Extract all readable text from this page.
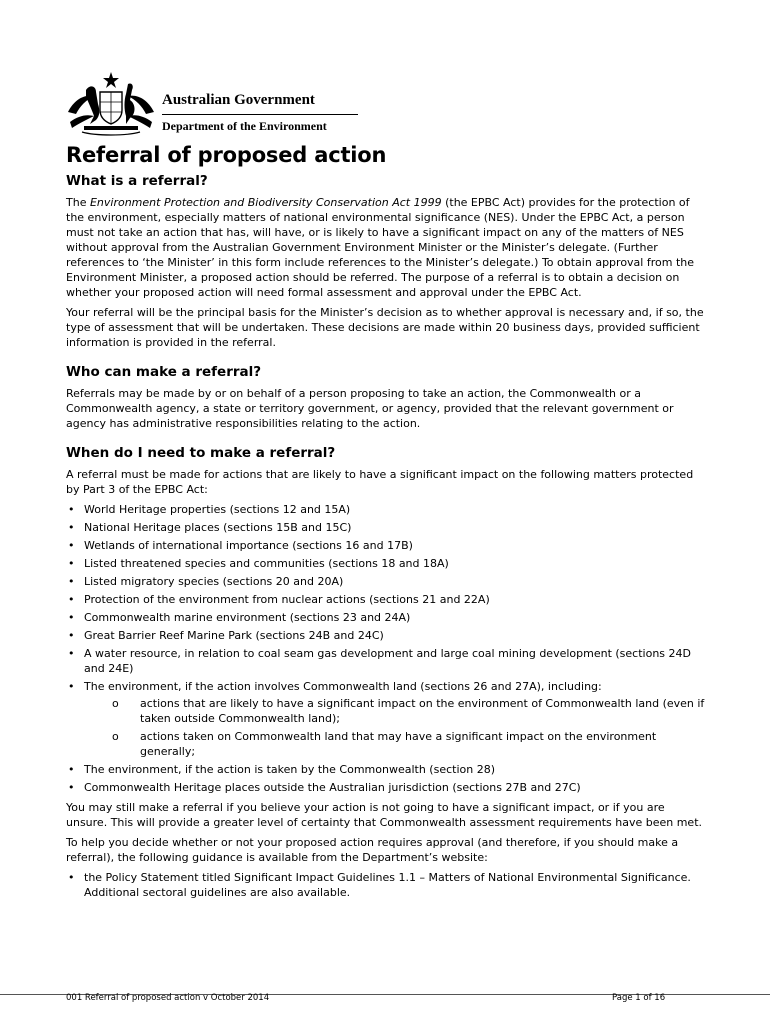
Australian Government
Department of the Environment
Referral of proposed action
What is a referral?

The Environment Protection and Biodiversity Conservation Act 1999 (the EPBC Act) provides for the protection of the environment, especially matters of national environmental significance (NES). Under the EPBC Act, a person must not take an action that has, will have, or is likely to have a significant impact on any of the matters of NES without approval from the Australian Government Environment Minister or the Minister’s delegate. (Further references to ‘the Minister’ in this form include references to the Minister’s delegate.) To obtain approval from the Environment Minister, a proposed action should be referred. The purpose of a referral is to obtain a decision on whether your proposed action will need formal assessment and approval under the EPBC Act.

Your referral will be the principal basis for the Minister’s decision as to whether approval is necessary and, if so, the type of assessment that will be undertaken. These decisions are made within 20 business days, provided sufficient information is provided in the referral.

Who can make a referral?

Referrals may be made by or on behalf of a person proposing to take an action, the Commonwealth or a Commonwealth agency, a state or territory government, or agency, provided that the relevant government or agency has administrative responsibilities relating to the action.

When do I need to make a referral?

A referral must be made for actions that are likely to have a significant impact on the following matters protected by Part 3 of the EPBC Act:

• World Heritage properties (sections 12 and 15A)
• National Heritage places (sections 15B and 15C)
• Wetlands of international importance (sections 16 and 17B)
• Listed threatened species and communities (sections 18 and 18A)
• Listed migratory species (sections 20 and 20A)
• Protection of the environment from nuclear actions (sections 21 and 22A)
• Commonwealth marine environment (sections 23 and 24A)
• Great Barrier Reef Marine Park (sections 24B and 24C)
• A water resource, in relation to coal seam gas development and large coal mining development (sections 24D and 24E)
• The environment, if the action involves Commonwealth land (sections 26 and 27A), including:
o actions that are likely to have a significant impact on the environment of Commonwealth land (even if taken outside Commonwealth land);
o actions taken on Commonwealth land that may have a significant impact on the environment generally;
• The environment, if the action is taken by the Commonwealth (section 28)
• Commonwealth Heritage places outside the Australian jurisdiction (sections 27B and 27C)

You may still make a referral if you believe your action is not going to have a significant impact, or if you are unsure. This will provide a greater level of certainty that Commonwealth assessment requirements have been met.

To help you decide whether or not your proposed action requires approval (and therefore, if you should make a referral), the following guidance is available from the Department’s website:

• the Policy Statement titled Significant Impact Guidelines 1.1 – Matters of National Environmental Significance. Additional sectoral guidelines are also available.
001 Referral of proposed action v October 2014	Page 1 of 16
